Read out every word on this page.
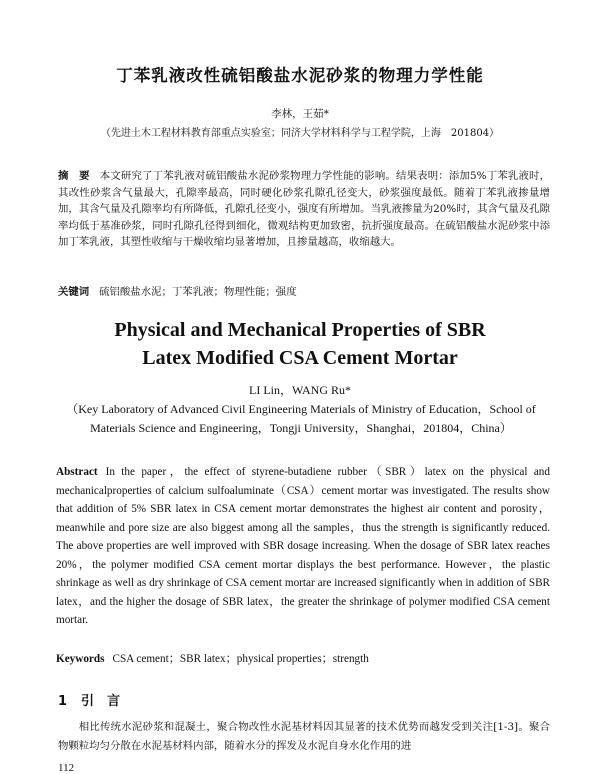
丁苯乳液改性硫铝酸盐水泥砂浆的物理力学性能
李林，王茹*
（先进土木工程材料教育部重点实验室；同济大学材料科学与工程学院，上海　201804）
摘　要 本文研究了丁苯乳液对硫铝酸盐水泥砂浆物理力学性能的影响。结果表明：添加5%丁苯乳液时，其改性砂浆含气量最大，孔隙率最高，同时硬化砂浆孔隙孔径变大，砂浆强度最低。随着丁苯乳液掺量增加，其含气量及孔隙率均有所降低，孔隙孔径变小，强度有所增加。当乳液掺量为20%时，其含气量及孔隙率均低于基准砂浆，同时孔隙孔径得到细化，微观结构更加致密，抗折强度最高。在硫铝酸盐水泥砂浆中添加丁苯乳液，其塑性收缩与干燥收缩均显著增加，且掺量越高，收缩越大。
关键词 硫铝酸盐水泥；丁苯乳液；物理性能；强度
Physical and Mechanical Properties of SBR
Latex Modified CSA Cement Mortar
LI Lin，WANG Ru*
（Key Laboratory of Advanced Civil Engineering Materials of Ministry of Education，School of Materials Science and Engineering，Tongji University，Shanghai，201804，China）
Abstract In the paper，the effect of styrene-butadiene rubber（SBR）latex on the physical and mechanicalproperties of calcium sulfoaluminate（CSA）cement mortar was investigated. The results show that addition of 5% SBR latex in CSA cement mortar demonstrates the highest air content and porosity，meanwhile and pore size are also biggest among all the samples，thus the strength is significantly reduced. The above properties are well improved with SBR dosage increasing. When the dosage of SBR latex reaches 20%，the polymer modified CSA cement mortar displays the best performance. However，the plastic shrinkage as well as dry shrinkage of CSA cement mortar are increased significantly when in addition of SBR latex，and the higher the dosage of SBR latex，the greater the shrinkage of polymer modified CSA cement mortar.
Keywords CSA cement；SBR latex；physical properties；strength
1 引　言
相比传统水泥砂浆和混凝土，聚合物改性水泥基材料因其显著的技术优势而越发受到关注[1-3]。聚合物颗粒均匀分散在水泥基材料内部，随着水分的挥发及水泥自身水化作用的进
112
